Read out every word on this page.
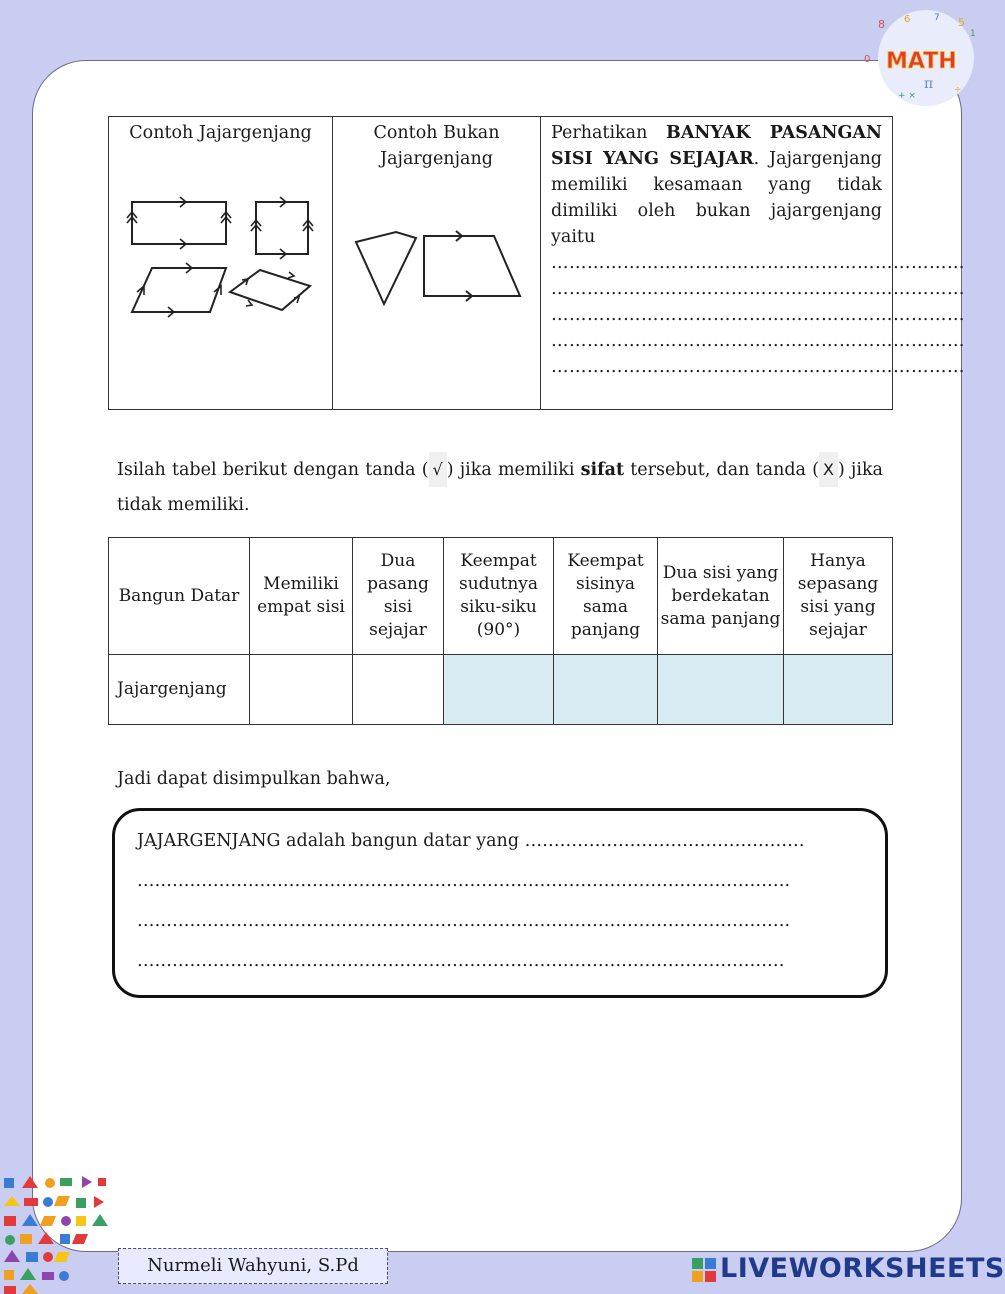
8 6	7 5
1
0 MATH
π
+ ×
÷
Contoh Jajargenjang	Contoh Bukan Jajargenjang

Perhatikan BANYAK PASANGAN SISI YANG SEJAJAR. Jajargenjang memiliki kesamaan yang tidak dimiliki oleh bukan jajargenjang yaitu
……………………………………………………………
……………………………………………………………
……………………………………………………………
……………………………………………………………
……………………………………………………………
Isilah tabel berikut dengan tanda ( √ ) jika memiliki sifat tersebut, dan tanda ( X ) jika tidak memiliki.
Bangun Datar	Memiliki empat sisi	Dua pasang sisi sejajar	Keempat sudutnya siku-siku (90°)	Keempat sisinya sama panjang	Dua sisi yang berdekatan sama panjang	Hanya sepasang sisi yang sejajar
Jajargenjang						
Jadi dapat disimpulkan bahwa,
JAJARGENJANG adalah bangun datar yang …………………………………………
………………………………………………………………………………………………….
………………………………………………………………………………………………….
…………………………………………………………………………………………………
Nurmeli Wahyuni, S.Pd	LIVEWORKSHEETS
